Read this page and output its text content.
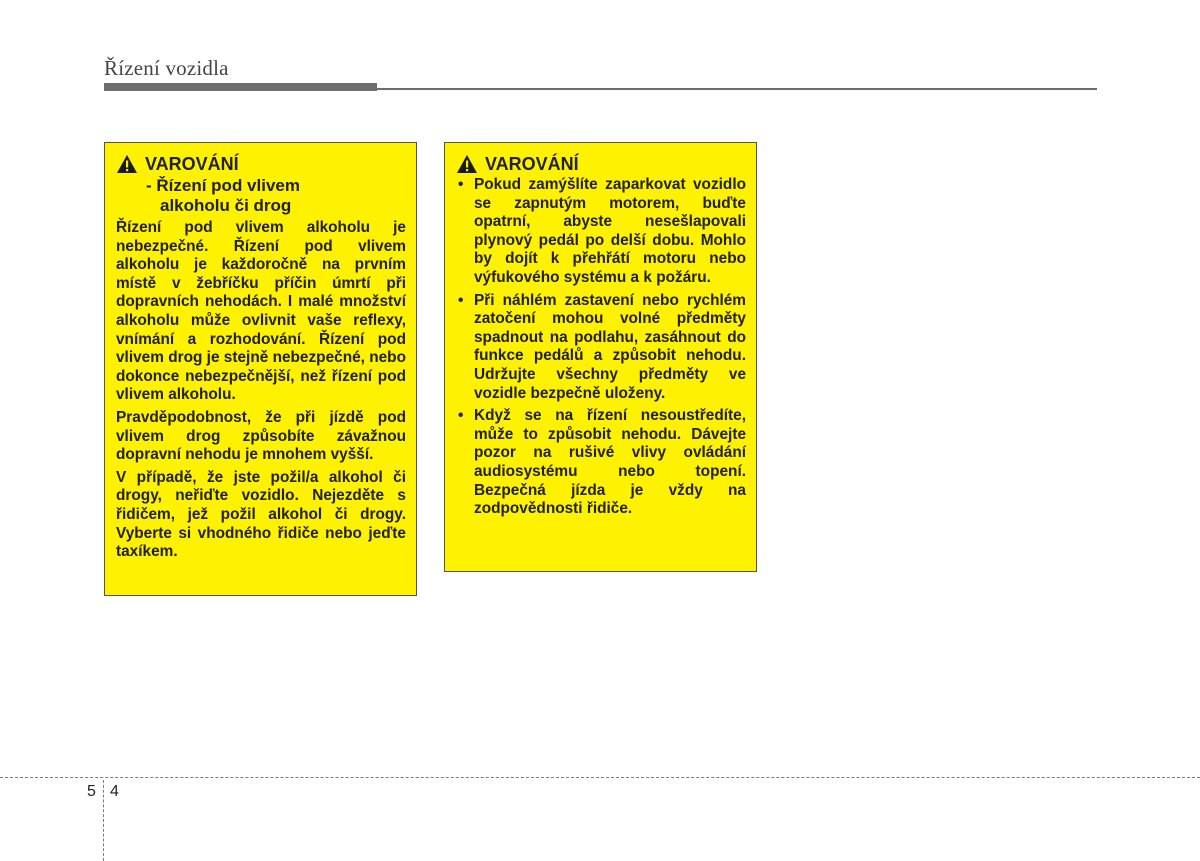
Řízení vozidla
VAROVÁNÍ
- Řízení pod vlivem
alkoholu či drog

Řízení pod vlivem alkoholu je nebezpečné. Řízení pod vlivem alkoholu je každoročně na prvním místě v žebříčku příčin úmrtí při dopravních nehodách. I malé množství alkoholu může ovlivnit vaše reflexy, vnímání a rozhodování. Řízení pod vlivem drog je stejně nebezpečné, nebo dokonce nebezpečnější, než řízení pod vlivem alkoholu.

Pravděpodobnost, že při jízdě pod vlivem drog způsobíte závažnou dopravní nehodu je mnohem vyšší.

V případě, že jste požil/a alkohol či drogy, neřiďte vozidlo. Nejezděte s řidičem, jež požil alkohol či drogy. Vyberte si vhodného řidiče nebo jeďte taxíkem.

VAROVÁNÍ
• Pokud zamýšlíte zaparkovat vozidlo se zapnutým motorem, buďte opatrní, abyste nesešlapovali plynový pedál po delší dobu. Mohlo by dojít k přehřátí motoru nebo výfukového systému a k požáru.
• Při náhlém zastavení nebo rychlém zatočení mohou volné předměty spadnout na podlahu, zasáhnout do funkce pedálů a způsobit nehodu. Udržujte všechny předměty ve vozidle bezpečně uloženy.
• Když se na řízení nesoustředíte, může to způsobit nehodu. Dávejte pozor na rušivé vlivy ovládání audiosystému nebo topení. Bezpečná jízda je vždy na zodpovědnosti řidiče.
5 4
